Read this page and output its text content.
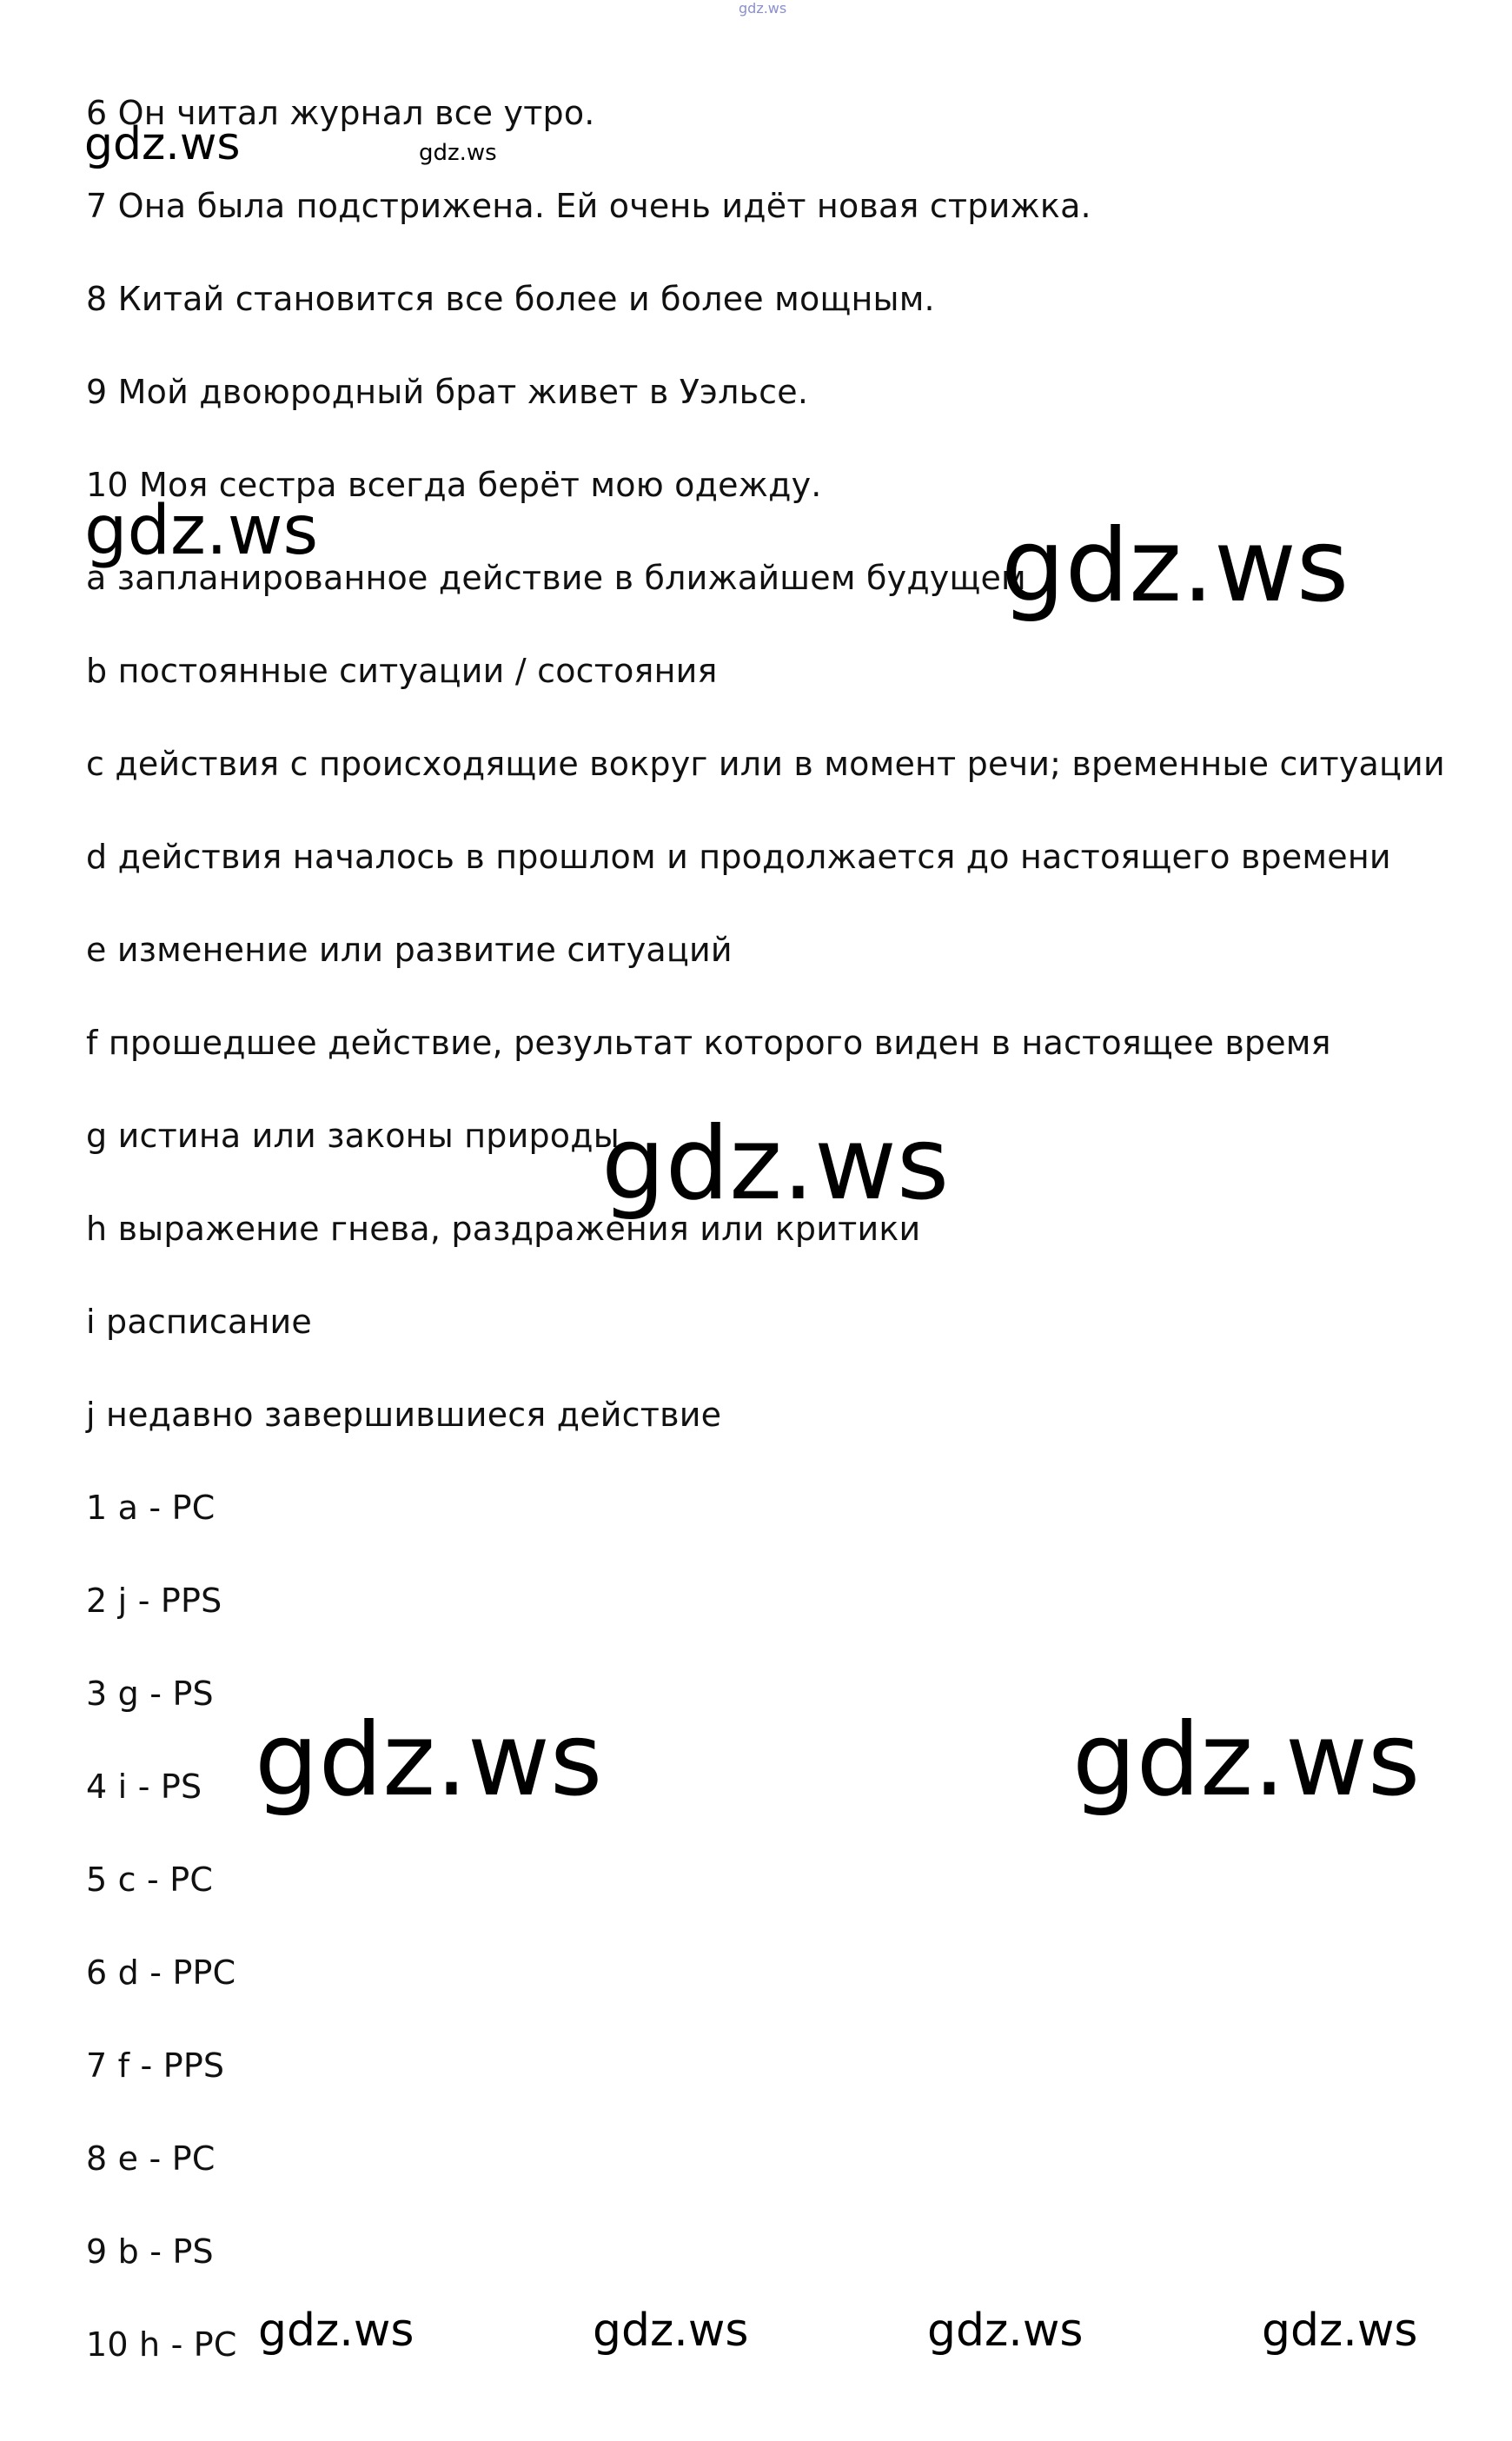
gdz.ws
6 Он читал журнал все утро.
7 Она была подстрижена. Ей очень идёт новая стрижка.
8 Китай становится все более и более мощным.
9 Мой двоюродный брат живет в Уэльсе.
10 Моя сестра всегда берёт мою одежду.
a запланированное действие в ближайшем будущем
b постоянные ситуации / состояния
c действия с происходящие вокруг или в момент речи; временные ситуации
d действия началось в прошлом и продолжается до настоящего времени
e изменение или развитие ситуаций
f прошедшее действие, результат которого виден в настоящее время
g истина или законы природы
h выражение гнева, раздражения или критики
i расписание
j недавно завершившиеся действие
1 a - PC
2 j - PPS
3 g - PS
4 i - PS
5 c - PC
6 d - PPC
7 f - PPS
8 e - PC
9 b - PS
10 h - PC
gdz.ws	gdz.ws
gdz.ws	gdz.ws
gdz.ws
gdz.ws	gdz.ws
gdz.ws	gdz.ws	gdz.ws	gdz.ws
